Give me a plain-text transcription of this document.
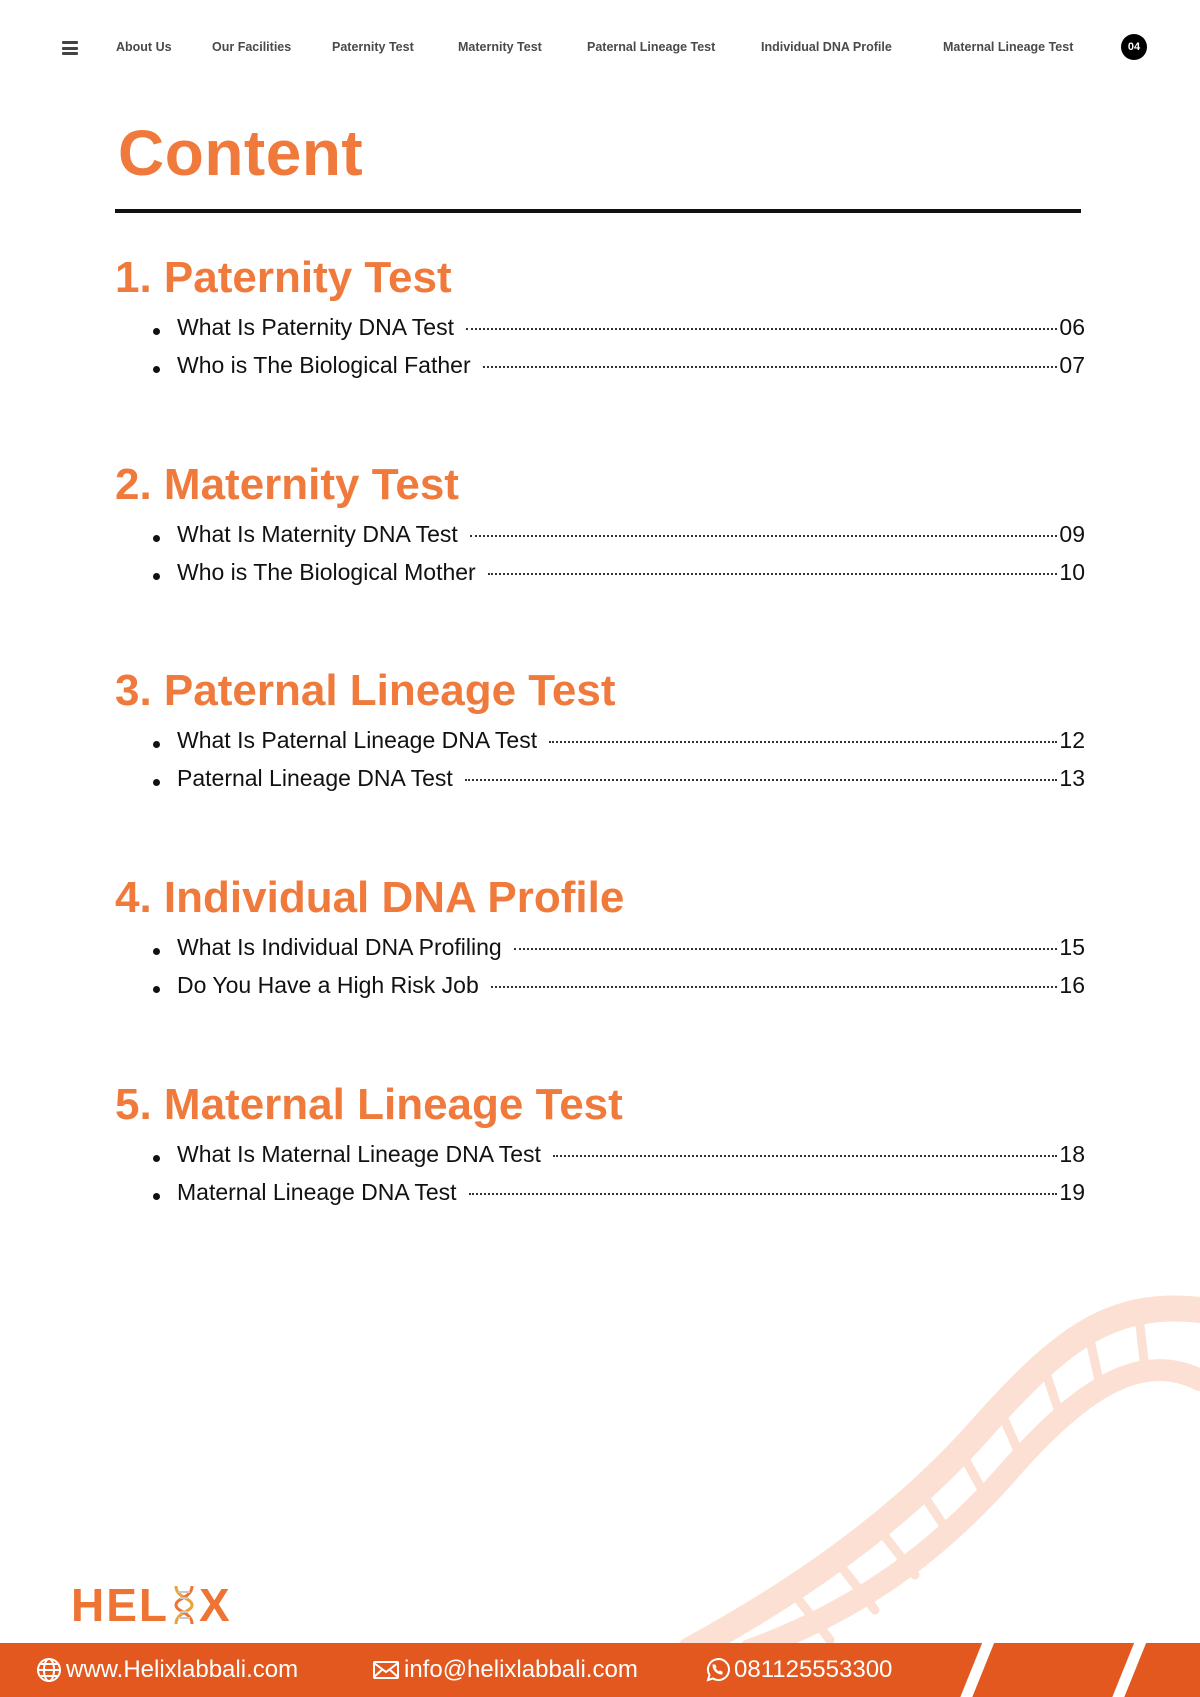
About Us	Our Facilities	Paternity Test	Maternity Test	Paternal Lineage Test	Individual DNA Profile	Maternal Lineage Test	04
Content
1. Paternity Test
What Is Paternity DNA Test	06
Who is The Biological Father	07
2. Maternity Test
What Is Maternity DNA Test	09
Who is The Biological Mother	10
3. Paternal Lineage Test
What Is Paternal Lineage DNA Test	12
Paternal Lineage DNA Test	13
4. Individual DNA Profile
What Is Individual DNA Profiling	15
Do You Have a High Risk Job	16
5. Maternal Lineage Test
What Is Maternal Lineage DNA Test	18
Maternal Lineage DNA Test	19
HEL X
www.Helixlabbali.com	info@helixlabbali.com	081125553300
